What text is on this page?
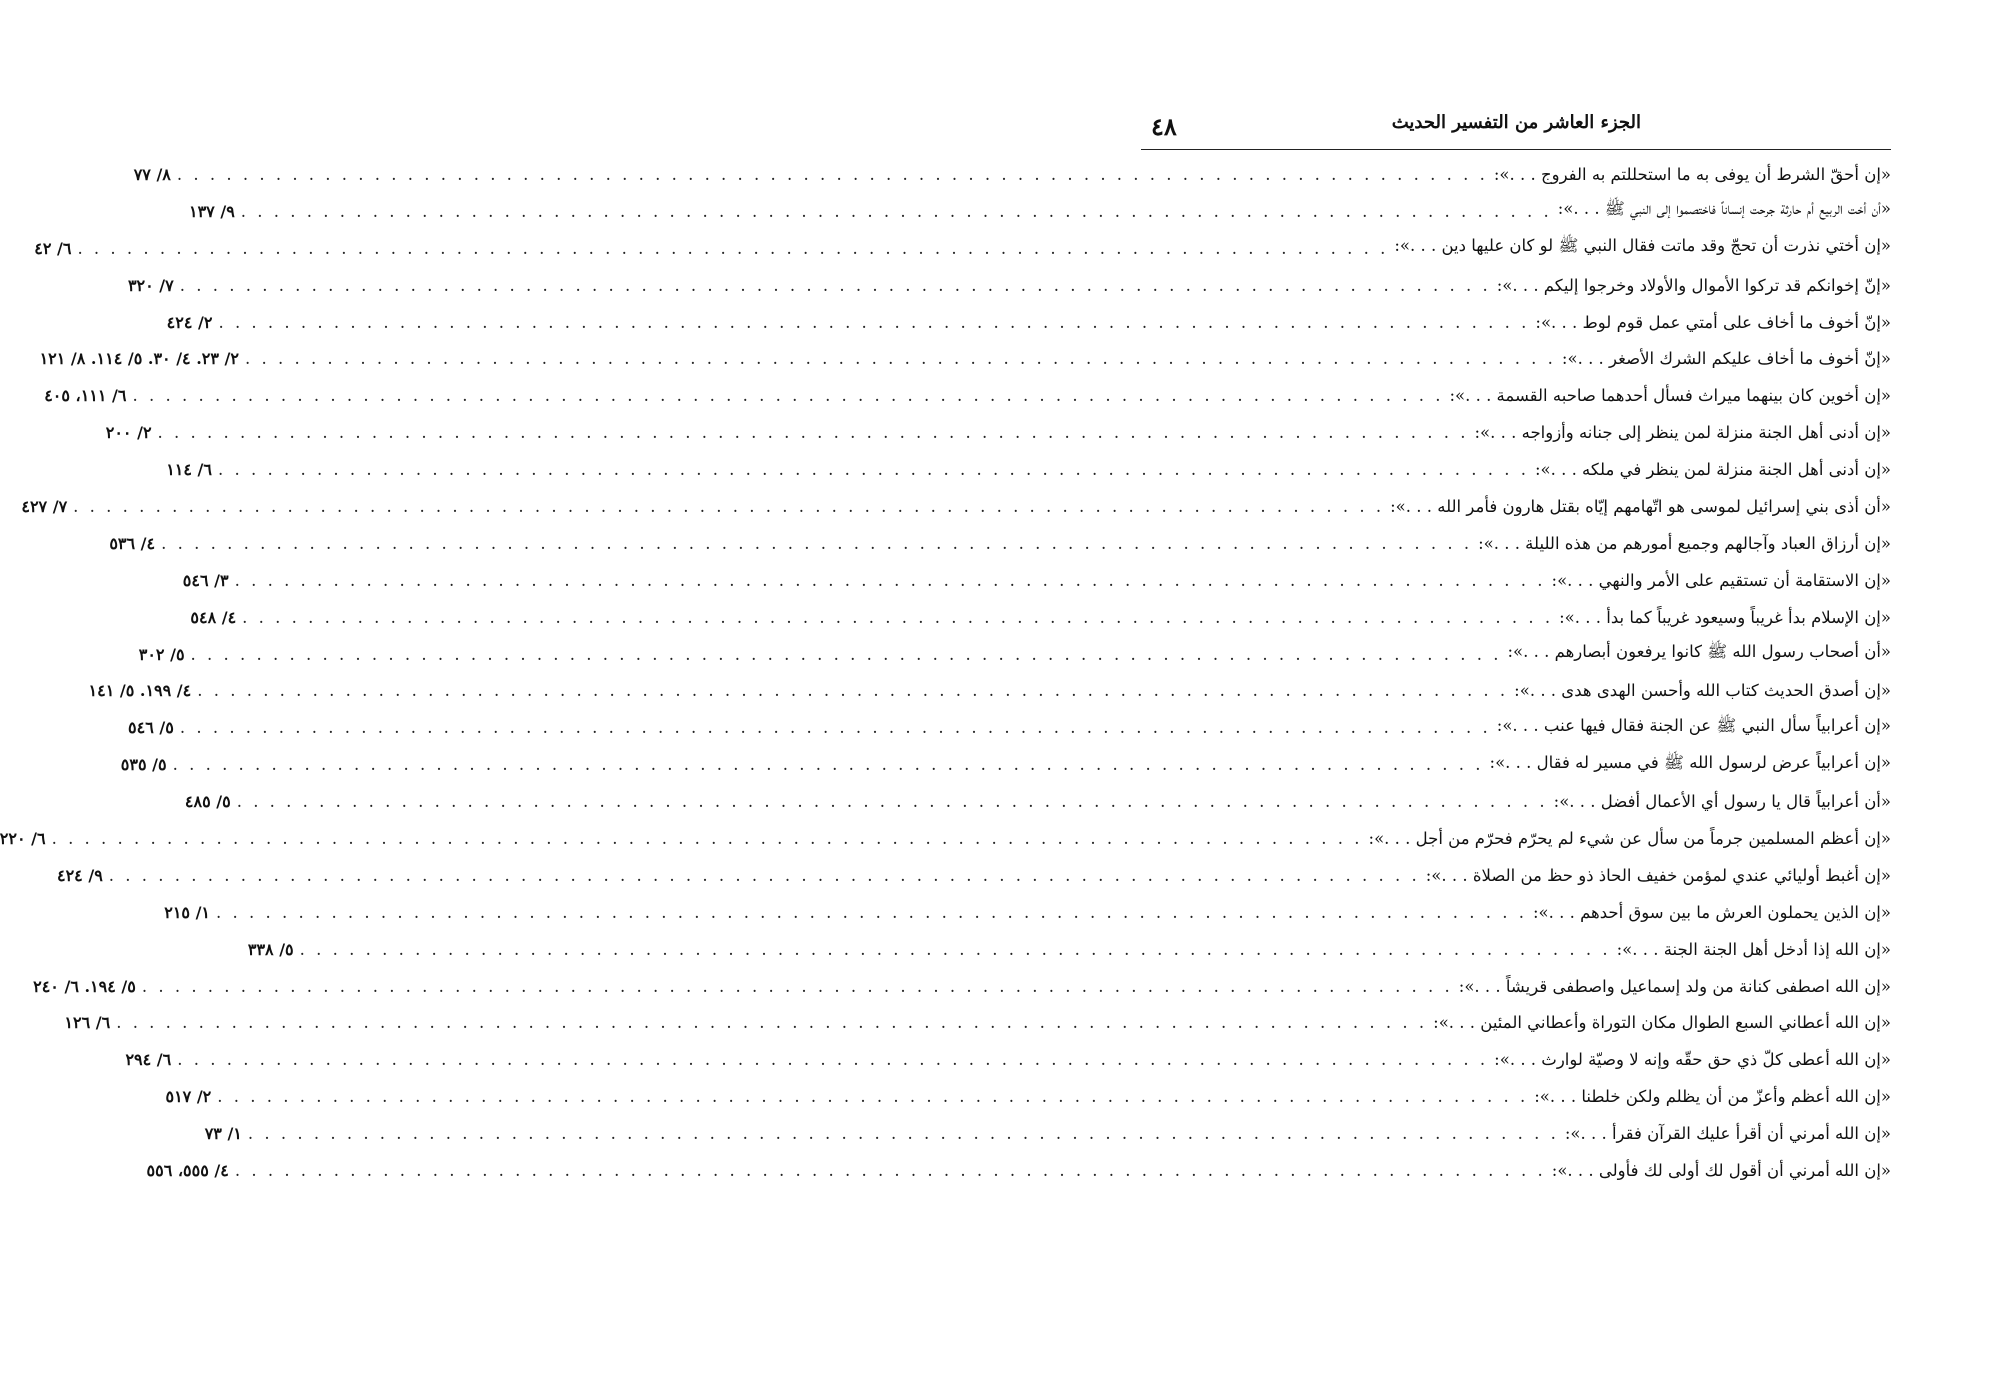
الجزء العاشر من التفسير الحديث
٤٨
«إن أحقّ الشرط أن يوفى به ما استحللتم به الفروج . . .»:
. . . . . . . . . . . . . . . . . . . . . . . . . . . . . . . . . . . . . . . . . . . . . . . . . . . . . . . . . . . . . . . . . . . . . . . . . . . . . . . .
٨/ ٧٧
«أن أخت الربيع أم حارثة جرحت إنساناً فاختصموا إلى النبي ﷺ . . .»:
. . . . . . . . . . . . . . . . . . . . . . . . . . . . . . . . . . . . . . . . . . . . . . . . . . . . . . . . . . . . . . . . . . . . . . . . . . . . . . . .
٩/ ١٣٧
«إن أختي نذرت أن تحجّ وقد ماتت فقال النبي ﷺ لو كان عليها دين . . .»:
. . . . . . . . . . . . . . . . . . . . . . . . . . . . . . . . . . . . . . . . . . . . . . . . . . . . . . . . . . . . . . . . . . . . . . . . . . . . . . . .
٦/ ٤٢
«إنّ إخوانكم قد تركوا الأموال والأولاد وخرجوا إليكم . . .»:
. . . . . . . . . . . . . . . . . . . . . . . . . . . . . . . . . . . . . . . . . . . . . . . . . . . . . . . . . . . . . . . . . . . . . . . . . . . . . . . .
٧/ ٣٢٠
«إنّ أخوف ما أخاف على أمتي عمل قوم لوط . . .»:
. . . . . . . . . . . . . . . . . . . . . . . . . . . . . . . . . . . . . . . . . . . . . . . . . . . . . . . . . . . . . . . . . . . . . . . . . . . . . . . .
٢/ ٤٢٤
«إنّ أخوف ما أخاف عليكم الشرك الأصغر . . .»:
. . . . . . . . . . . . . . . . . . . . . . . . . . . . . . . . . . . . . . . . . . . . . . . . . . . . . . . . . . . . . . . . . . . . . . . . . . . . . . . .
٢/ ٢٣. ٤/ ٣٠. ٥/ ١١٤. ٨/ ١٢١
«إن أخوين كان بينهما ميراث فسأل أحدهما صاحبه القسمة . . .»:
. . . . . . . . . . . . . . . . . . . . . . . . . . . . . . . . . . . . . . . . . . . . . . . . . . . . . . . . . . . . . . . . . . . . . . . . . . . . . . . .
٦/ ١١١، ٤٠٥
«إن أدنى أهل الجنة منزلة لمن ينظر إلى جنانه وأزواجه . . .»:
. . . . . . . . . . . . . . . . . . . . . . . . . . . . . . . . . . . . . . . . . . . . . . . . . . . . . . . . . . . . . . . . . . . . . . . . . . . . . . . .
٢/ ٢٠٠
«إن أدنى أهل الجنة منزلة لمن ينظر في ملكه . . .»:
. . . . . . . . . . . . . . . . . . . . . . . . . . . . . . . . . . . . . . . . . . . . . . . . . . . . . . . . . . . . . . . . . . . . . . . . . . . . . . . .
٦/ ١١٤
«أن أذى بني إسرائيل لموسى هو اتّهامهم إيّاه بقتل هارون فأمر الله . . .»:
. . . . . . . . . . . . . . . . . . . . . . . . . . . . . . . . . . . . . . . . . . . . . . . . . . . . . . . . . . . . . . . . . . . . . . . . . . . . . . . .
٧/ ٤٢٧
«إن أرزاق العباد وآجالهم وجميع أمورهم من هذه الليلة . . .»:
. . . . . . . . . . . . . . . . . . . . . . . . . . . . . . . . . . . . . . . . . . . . . . . . . . . . . . . . . . . . . . . . . . . . . . . . . . . . . . . .
٤/ ٥٣٦
«إن الاستقامة أن تستقيم على الأمر والنهي . . .»:
. . . . . . . . . . . . . . . . . . . . . . . . . . . . . . . . . . . . . . . . . . . . . . . . . . . . . . . . . . . . . . . . . . . . . . . . . . . . . . . .
٣/ ٥٤٦
«إن الإسلام بدأ غريباً وسيعود غريباً كما بدأ . . .»:
. . . . . . . . . . . . . . . . . . . . . . . . . . . . . . . . . . . . . . . . . . . . . . . . . . . . . . . . . . . . . . . . . . . . . . . . . . . . . . . .
٤/ ٥٤٨
«أن أصحاب رسول الله ﷺ كانوا يرفعون أبصارهم . . .»:
. . . . . . . . . . . . . . . . . . . . . . . . . . . . . . . . . . . . . . . . . . . . . . . . . . . . . . . . . . . . . . . . . . . . . . . . . . . . . . . .
٥/ ٣٠٢
«إن أصدق الحديث كتاب الله وأحسن الهدى هدى . . .»:
. . . . . . . . . . . . . . . . . . . . . . . . . . . . . . . . . . . . . . . . . . . . . . . . . . . . . . . . . . . . . . . . . . . . . . . . . . . . . . . .
٤/ ١٩٩. ٥/ ١٤١
«إن أعرابياً سأل النبي ﷺ عن الجنة فقال فيها عنب . . .»:
. . . . . . . . . . . . . . . . . . . . . . . . . . . . . . . . . . . . . . . . . . . . . . . . . . . . . . . . . . . . . . . . . . . . . . . . . . . . . . . .
٥/ ٥٤٦
«إن أعرابياً عرض لرسول الله ﷺ في مسير له فقال . . .»:
. . . . . . . . . . . . . . . . . . . . . . . . . . . . . . . . . . . . . . . . . . . . . . . . . . . . . . . . . . . . . . . . . . . . . . . . . . . . . . . .
٥/ ٥٣٥
«أن أعرابياً قال يا رسول أي الأعمال أفضل . . .»:
. . . . . . . . . . . . . . . . . . . . . . . . . . . . . . . . . . . . . . . . . . . . . . . . . . . . . . . . . . . . . . . . . . . . . . . . . . . . . . . .
٥/ ٤٨٥
«إن أعظم المسلمين جرماً من سأل عن شيء لم يحرّم فحرّم من أجل . . .»:
. . . . . . . . . . . . . . . . . . . . . . . . . . . . . . . . . . . . . . . . . . . . . . . . . . . . . . . . . . . . . . . . . . . . . . . . . . . . . . . .
٦/ ٢٢٠
«إن أغبط أوليائي عندي لمؤمن خفيف الحاذ ذو حظ من الصلاة . . .»:
. . . . . . . . . . . . . . . . . . . . . . . . . . . . . . . . . . . . . . . . . . . . . . . . . . . . . . . . . . . . . . . . . . . . . . . . . . . . . . . .
٩/ ٤٢٤
«إن الذين يحملون العرش ما بين سوق أحدهم . . .»:
. . . . . . . . . . . . . . . . . . . . . . . . . . . . . . . . . . . . . . . . . . . . . . . . . . . . . . . . . . . . . . . . . . . . . . . . . . . . . . . .
١/ ٢١٥
«إن الله إذا أدخل أهل الجنة الجنة . . .»:
. . . . . . . . . . . . . . . . . . . . . . . . . . . . . . . . . . . . . . . . . . . . . . . . . . . . . . . . . . . . . . . . . . . . . . . . . . . . . . . .
٥/ ٣٣٨
«إن الله اصطفى كنانة من ولد إسماعيل واصطفى قريشاً . . .»:
. . . . . . . . . . . . . . . . . . . . . . . . . . . . . . . . . . . . . . . . . . . . . . . . . . . . . . . . . . . . . . . . . . . . . . . . . . . . . . . .
٥/ ١٩٤. ٦/ ٢٤٠
«إن الله أعطاني السبع الطوال مكان التوراة وأعطاني المئين . . .»:
. . . . . . . . . . . . . . . . . . . . . . . . . . . . . . . . . . . . . . . . . . . . . . . . . . . . . . . . . . . . . . . . . . . . . . . . . . . . . . . .
٦/ ١٢٦
«إن الله أعطى كلّ ذي حق حقّه وإنه لا وصيّة لوارث . . .»:
. . . . . . . . . . . . . . . . . . . . . . . . . . . . . . . . . . . . . . . . . . . . . . . . . . . . . . . . . . . . . . . . . . . . . . . . . . . . . . . .
٦/ ٢٩٤
«إن الله أعظم وأعزّ من أن يظلم ولكن خلطنا . . .»:
. . . . . . . . . . . . . . . . . . . . . . . . . . . . . . . . . . . . . . . . . . . . . . . . . . . . . . . . . . . . . . . . . . . . . . . . . . . . . . . .
٢/ ٥١٧
«إن الله أمرني أن أقرأ عليك القرآن فقرأ . . .»:
. . . . . . . . . . . . . . . . . . . . . . . . . . . . . . . . . . . . . . . . . . . . . . . . . . . . . . . . . . . . . . . . . . . . . . . . . . . . . . . .
١/ ٧٣
«إن الله أمرني أن أقول لك أولى لك فأولى . . .»:
. . . . . . . . . . . . . . . . . . . . . . . . . . . . . . . . . . . . . . . . . . . . . . . . . . . . . . . . . . . . . . . . . . . . . . . . . . . . . . . .
٤/ ٥٥٥، ٥٥٦
